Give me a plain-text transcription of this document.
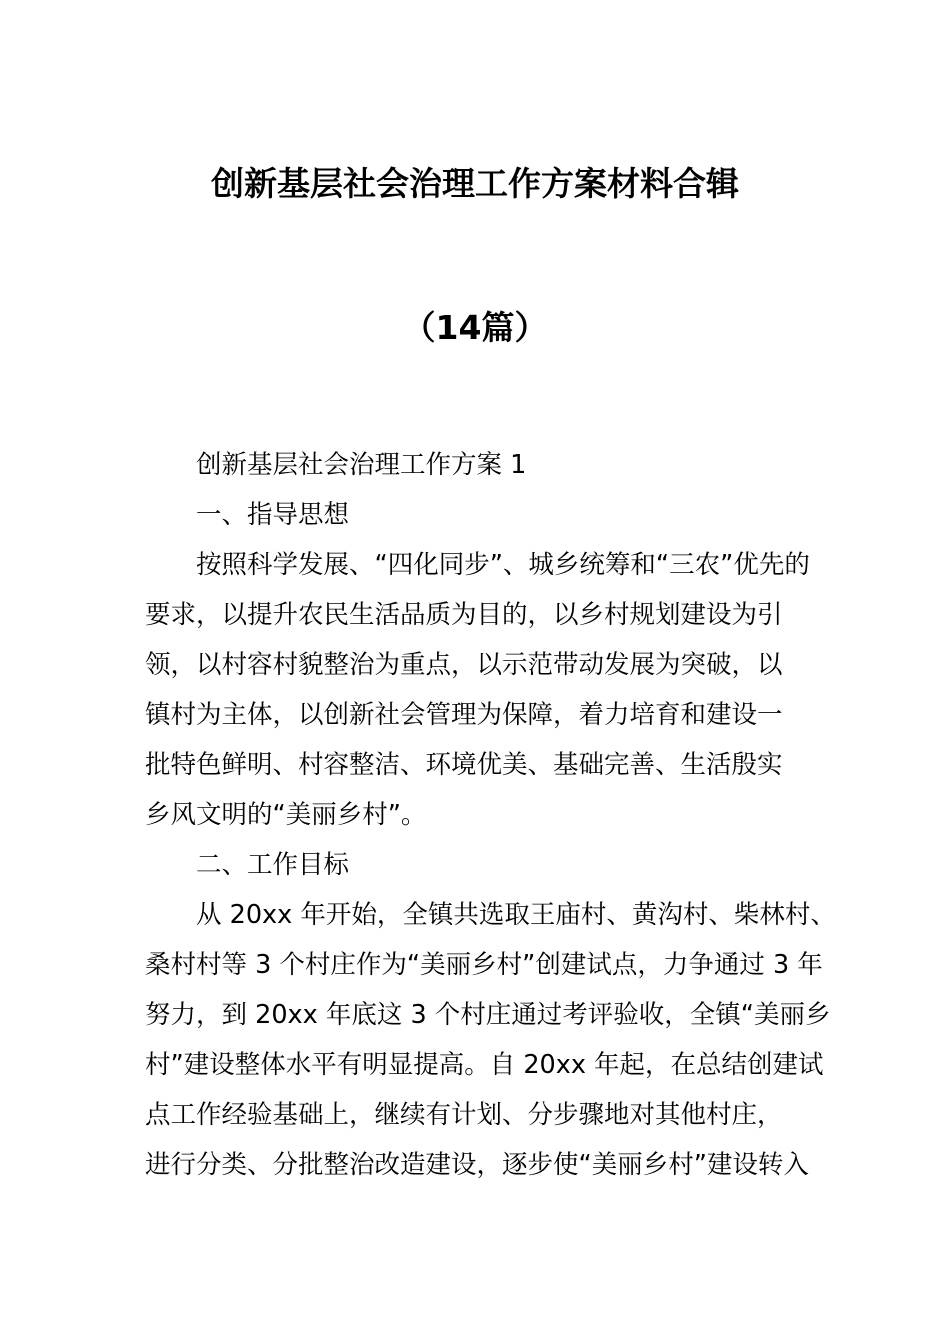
创新基层社会治理工作方案材料合辑
（14篇）

创新基层社会治理工作方案 1

一、指导思想

按照科学发展、“四化同步”、城乡统筹和“三农”优先的
要求，以提升农民生活品质为目的，以乡村规划建设为引
领，以村容村貌整治为重点，以示范带动发展为突破，以
镇村为主体，以创新社会管理为保障，着力培育和建设一
批特色鲜明、村容整洁、环境优美、基础完善、生活殷实
乡风文明的“美丽乡村”。

二、工作目标

从 20xx 年开始，全镇共选取王庙村、黄沟村、柴林村、
桑村村等 3 个村庄作为“美丽乡村”创建试点，力争通过 3 年
努力，到 20xx 年底这 3 个村庄通过考评验收，全镇“美丽乡
村”建设整体水平有明显提高。自 20xx 年起，在总结创建试
点工作经验基础上，继续有计划、分步骤地对其他村庄，
进行分类、分批整治改造建设，逐步使“美丽乡村”建设转入
